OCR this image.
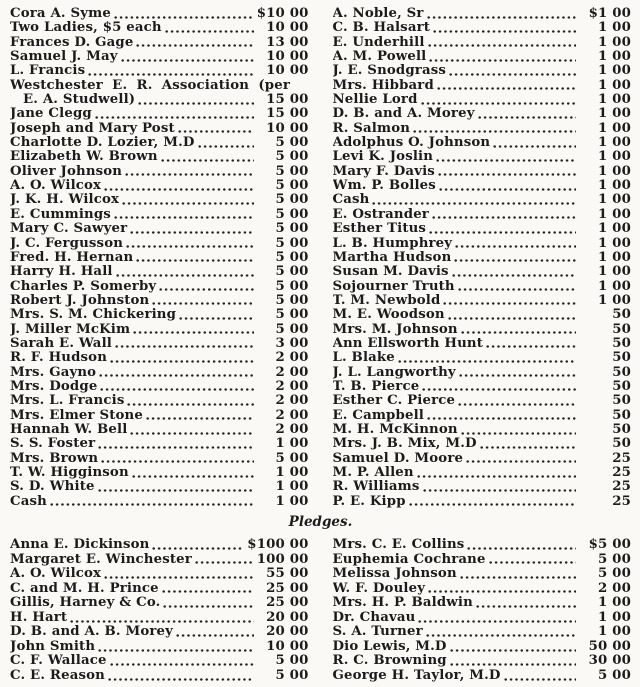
Cora A. Syme	$10 00
Two Ladies, $5 each	10 00
Frances D. Gage	13 00
Samuel J. May	10 00
L. Francis	10 00
Westchester E. R. Association (per
E. A. Studwell)	15 00
Jane Clegg	15 00
Joseph and Mary Post	10 00
Charlotte D. Lozier, M.D	5 00
Elizabeth W. Brown	5 00
Oliver Johnson	5 00
A. O. Wilcox	5 00
J. K. H. Wilcox	5 00
E. Cummings	5 00
Mary C. Sawyer	5 00
J. C. Fergusson	5 00
Fred. H. Hernan	5 00
Harry H. Hall	5 00
Charles P. Somerby	5 00
Robert J. Johnston	5 00
Mrs. S. M. Chickering	5 00
J. Miller McKim	5 00
Sarah E. Wall	3 00
R. F. Hudson	2 00
Mrs. Gayno	2 00
Mrs. Dodge	2 00
Mrs. L. Francis	2 00
Mrs. Elmer Stone	2 00
Hannah W. Bell	2 00
S. S. Foster	1 00
Mrs. Brown	5 00
T. W. Higginson	1 00
S. D. White	1 00
Cash	1 00
A. Noble, Sr	$1 00
C. B. Halsart	1 00
E. Underhill	1 00
A. M. Powell	1 00
J. E. Snodgrass	1 00
Mrs. Hibbard	1 00
Nellie Lord	1 00
D. B. and A. Morey	1 00
R. Salmon	1 00
Adolphus O. Johnson	1 00
Levi K. Joslin	1 00
Mary F. Davis	1 00
Wm. P. Bolles	1 00
Cash	1 00
E. Ostrander	1 00
Esther Titus	1 00
L. B. Humphrey	1 00
Martha Hudson	1 00
Susan M. Davis	1 00
Sojourner Truth	1 00
T. M. Newbold	1 00
M. E. Woodson	50
Mrs. M. Johnson	50
Ann Ellsworth Hunt	50
L. Blake	50
J. L. Langworthy	50
T. B. Pierce	50
Esther C. Pierce	50
E. Campbell	50
M. H. McKinnon	50
Mrs. J. B. Mix, M.D	50
Samuel D. Moore	25
M. P. Allen	25
R. Williams	25
P. E. Kipp	25
Pledges.
Anna E. Dickinson	$100 00
Margaret E. Winchester	100 00
A. O. Wilcox	55 00
C. and M. H. Prince	25 00
Gillis, Harney & Co.	25 00
H. Hart	20 00
D. B. and A. B. Morey	20 00
John Smith	10 00
C. F. Wallace	5 00
C. E. Reason	5 00
Mrs. C. E. Collins	$5 00
Euphemia Cochrane	5 00
Melissa Johnson	5 00
W. F. Douley	2 00
Mrs. H. P. Baldwin	1 00
Dr. Chavau	1 00
S. A. Turner	1 00
Dio Lewis, M.D	50 00
R. C. Browning	30 00
George H. Taylor, M.D	5 00
